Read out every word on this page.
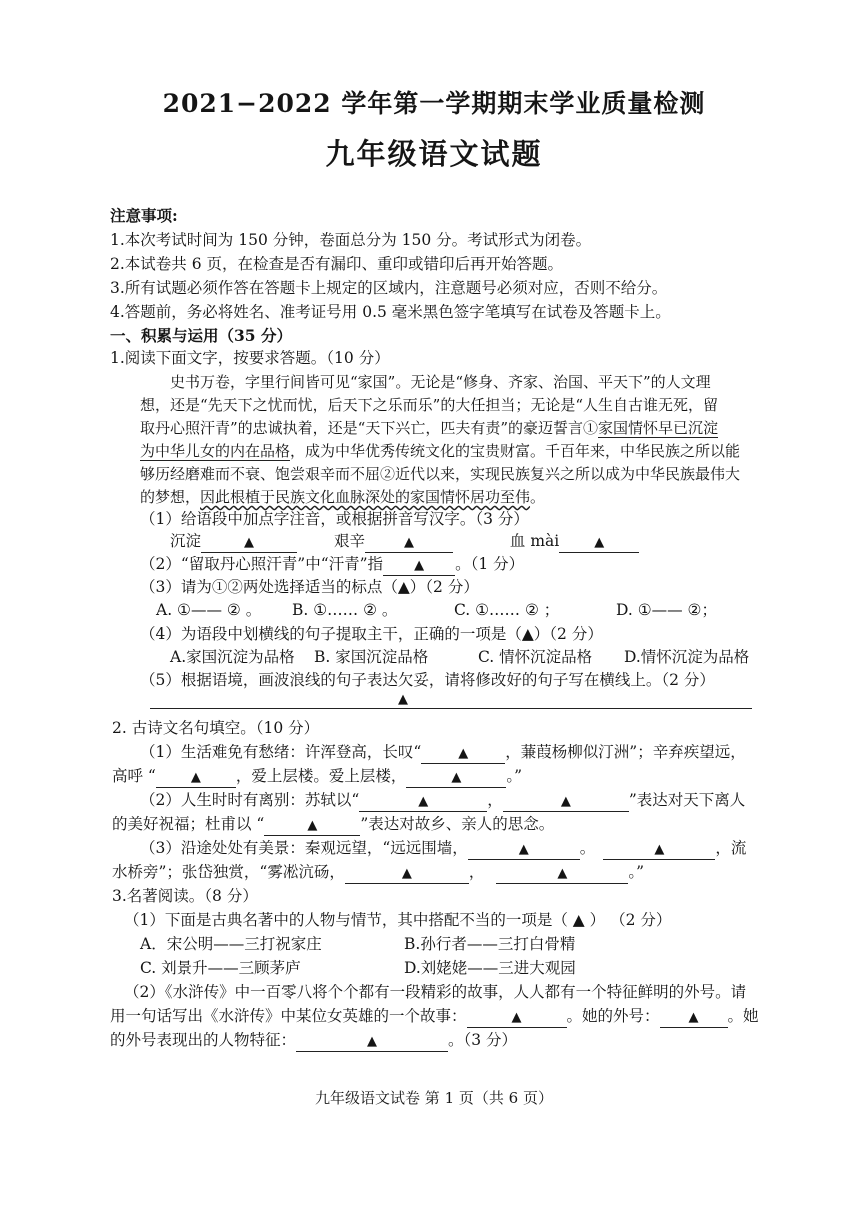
2021−2022 学年第一学期期末学业质量检测
九年级语文试题
注意事项:
1.本次考试时间为 150 分钟，卷面总分为 150 分。考试形式为闭卷。
2.本试卷共 6 页，在检查是否有漏印、重印或错印后再开始答题。
3.所有试题必须作答在答题卡上规定的区域内，注意题号必须对应，否则不给分。
4.答题前，务必将姓名、准考证号用 0.5 毫米黑色签字笔填写在试卷及答题卡上。
一、积累与运用（35 分）
1.阅读下面文字，按要求答题。（10 分）
史书万卷，字里行间皆可见“家国”。无论是“修身、齐家、治国、平天下”的人文理
想，还是“先天下之忧而忧，后天下之乐而乐”的大任担当；无论是“人生自古谁无死，留
取丹心照汗青”的忠诚执着，还是“天下兴亡，匹夫有责”的豪迈誓言①家国情怀早已沉淀
为中华儿女的内在品格，成为中华优秀传统文化的宝贵财富。千百年来，中华民族之所以能
够历经磨难而不衰、饱尝艰辛而不屈②近代以来，实现民族复兴之所以成为中华民族最伟大
的梦想，因此根植于民族文化血脉深处的家国情怀居功至伟。
（1）给语段中加点字注音，或根据拼音写汉字。（3 分）
沉淀	▲	艰辛	▲	血 mài	▲
（2）“留取丹心照汗青”中“汗青”指 ▲ 。（1 分）
（3）请为①②两处选择适当的标点（▲）（2 分）
A. ①—— ② 。 B. ①…… ② 。	C. ①…… ② ；	D. ①—— ②；
（4）为语段中划横线的句子提取主干，正确的一项是（▲）（2 分）
A.家国沉淀为品格 B. 家国沉淀品格	C. 情怀沉淀品格 D.情怀沉淀为品格
（5）根据语境，画波浪线的句子表达欠妥，请将修改好的句子写在横线上。（2 分）
▲
2. 古诗文名句填空。（10 分）
（1）生活难免有愁绪：许浑登高，长叹“	▲ ，蒹葭杨柳似汀洲”；辛弃疾望远，
高呼 “	▲ ，爱上层楼。爱上层楼，	▲	。”
（2）人生时时有离别：苏轼以“	▲	，	▲	”表达对天下离人
的美好祝福；杜甫以 “	▲	”表达对故乡、亲人的思念。
（3）沿途处处有美景：秦观远望，“远远围墙，	▲	。	▲	，流
水桥旁”；张岱独赏，“雾凇沆砀，	▲	，	▲	。”
3.名著阅读。（8 分）
（1）下面是古典名著中的人物与情节，其中搭配不当的一项是（ ▲ ） （2 分）
A．宋公明——三打祝家庄	B.孙行者——三打白骨精
C. 刘景升——三顾茅庐	D.刘姥姥——三进大观园
（2）《水浒传》中一百零八将个个都有一段精彩的故事，人人都有一个特征鲜明的外号。请
用一句话写出《水浒传》中某位女英雄的一个故事：	▲	。她的外号： ▲ 。她
的外号表现出的人物特征：	▲	。（3 分）
九年级语文试卷 第 1 页（共 6 页）
